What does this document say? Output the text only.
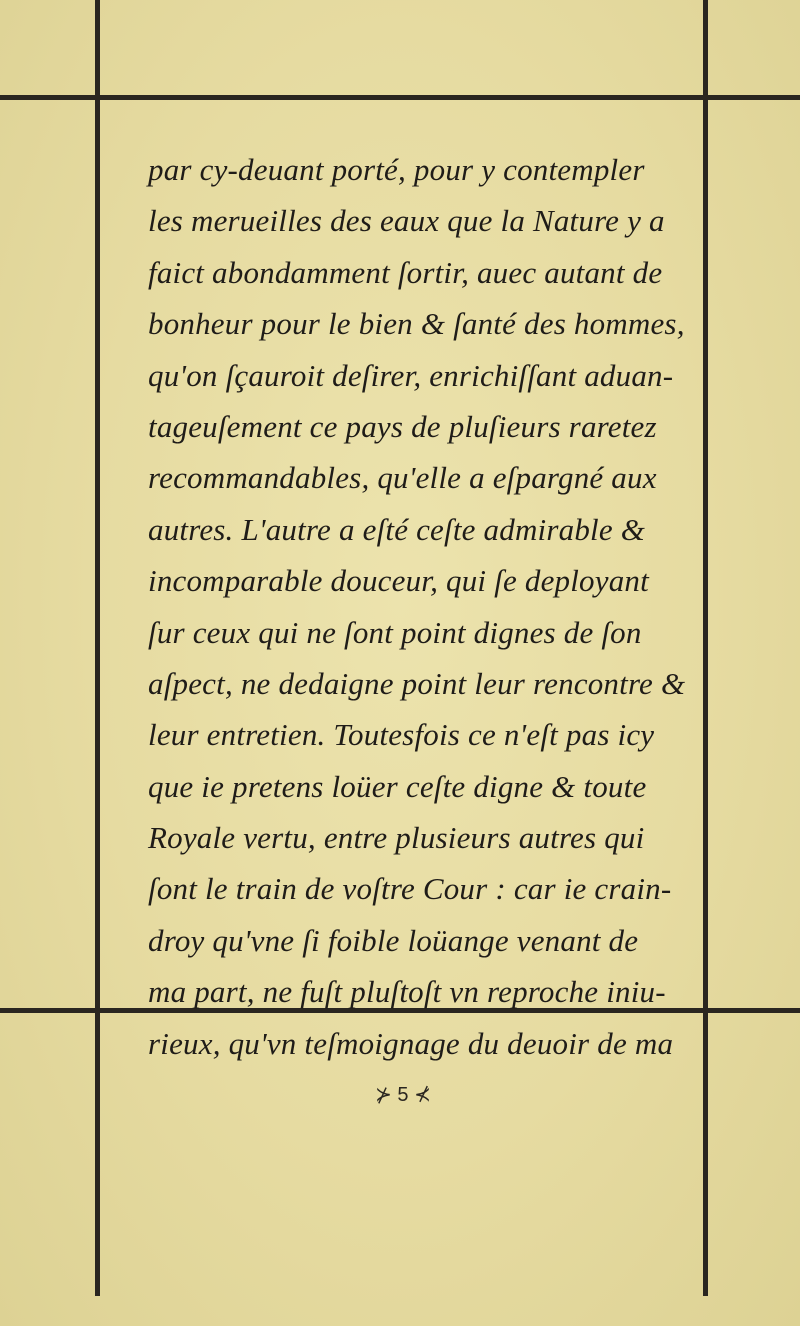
par cy-deuant porté, pour y contempler
les merueilles des eaux que la Nature y a
faict abondamment ſortir, auec autant de
bonheur pour le bien & ſanté des hommes,
qu'on ſçauroit deſirer, enrichiſſant aduan-
tageuſement ce pays de pluſieurs raretez
recommandables, qu'elle a eſpargné aux
autres. L'autre a eſté ceſte admirable &
incomparable douceur, qui ſe deployant
ſur ceux qui ne ſont point dignes de ſon
aſpect, ne dedaigne point leur rencontre &
leur entretien. Toutesfois ce n'eſt pas icy
que ie pretens loüer ceſte digne & toute
Royale vertu, entre plusieurs autres qui
ſont le train de voſtre Cour : car ie crain-
droy qu'vne ſi foible loüange venant de
ma part, ne fuſt pluſtoſt vn reproche iniu-
rieux, qu'vn teſmoignage du deuoir de ma
⊁ 5 ⊀
